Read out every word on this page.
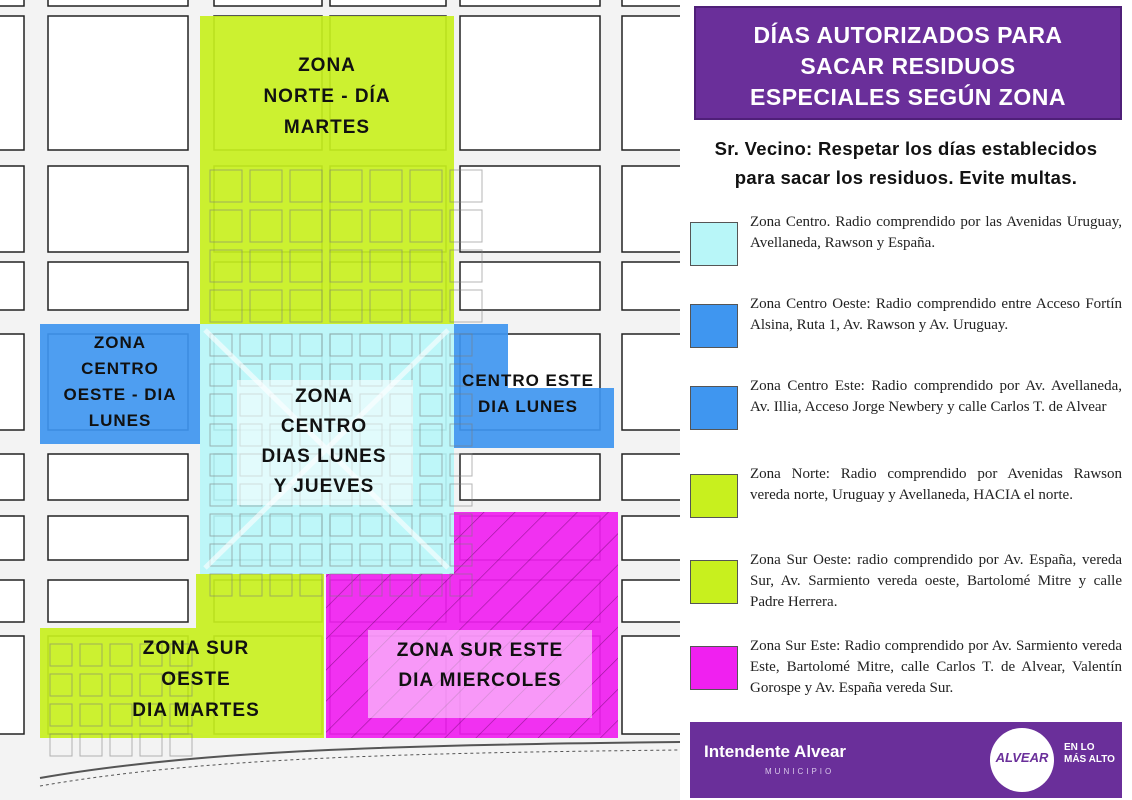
ZONA
NORTE - DÍA
MARTES
ZONA
CENTRO
OESTE - DIA
LUNES
ZONA
CENTRO
DIAS LUNES
Y JUEVES
CENTRO ESTE
DIA LUNES
ZONA SUR
OESTE
DIA MARTES
ZONA SUR ESTE
DIA MIERCOLES
DÍAS AUTORIZADOS PARA
SACAR RESIDUOS
ESPECIALES SEGÚN ZONA
Sr. Vecino: Respetar los días establecidos
para sacar los residuos. Evite multas.
Zona Centro. Radio comprendido por las Avenidas Uruguay, Avellaneda, Rawson y España.
Zona Centro Oeste: Radio comprendido entre Acceso Fortín Alsina, Ruta 1, Av. Rawson y Av. Uruguay.
Zona Centro Este: Radio comprendido por Av. Avellaneda, Av. Illia, Acceso Jorge Newbery y calle Carlos T. de Alvear
Zona Norte: Radio comprendido por Avenidas Rawson vereda norte, Uruguay y Avellaneda, HACIA el norte.
Zona Sur Oeste: radio comprendido por Av. España, vereda Sur, Av. Sarmiento vereda oeste, Bartolomé Mitre y calle Padre Herrera.
Zona Sur Este: Radio comprendido por Av. Sarmiento vereda Este, Bartolomé Mitre, calle Carlos T. de Alvear, Valentín Gorospe y Av. España vereda Sur.
Intendente Alvear
MUNICIPIO
ALVEAR
EN LO
MÁS ALTO
